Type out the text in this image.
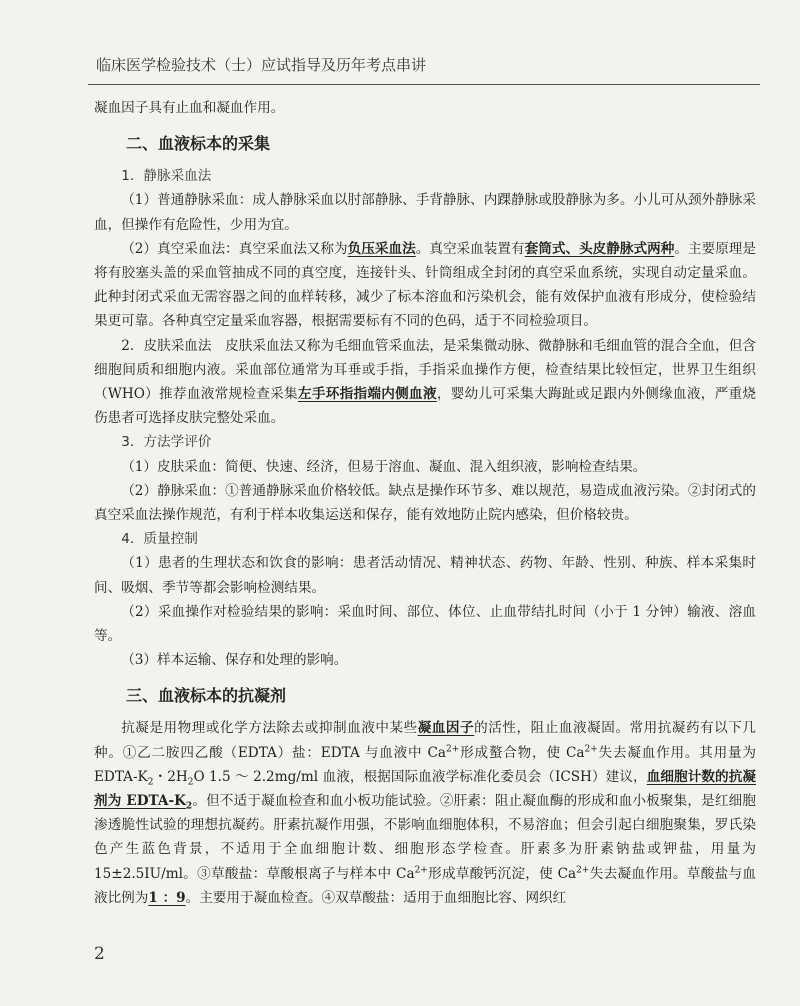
临床医学检验技术（士）应试指导及历年考点串讲

凝血因子具有止血和凝血作用。

二、血液标本的采集
1．静脉采血法

（1）普通静脉采血：成人静脉采血以肘部静脉、手背静脉、内踝静脉或股静脉为多。小儿可从颈外静脉采血，但操作有危险性，少用为宜。

（2）真空采血法：真空采血法又称为负压采血法。真空采血装置有套筒式、头皮静脉式两种。主要原理是将有胶塞头盖的采血管抽成不同的真空度，连接针头、针筒组成全封闭的真空采血系统，实现自动定量采血。此种封闭式采血无需容器之间的血样转移，减少了标本溶血和污染机会，能有效保护血液有形成分，使检验结果更可靠。各种真空定量采血容器，根据需要标有不同的色码，适于不同检验项目。

2．皮肤采血法　皮肤采血法又称为毛细血管采血法，是采集微动脉、微静脉和毛细血管的混合全血，但含细胞间质和细胞内液。采血部位通常为耳垂或手指，手指采血操作方便，检查结果比较恒定，世界卫生组织（WHO）推荐血液常规检查采集左手环指指端内侧血液，婴幼儿可采集大踇趾或足跟内外侧缘血液，严重烧伤患者可选择皮肤完整处采血。

3．方法学评价

（1）皮肤采血：简便、快速、经济，但易于溶血、凝血、混入组织液，影响检查结果。

（2）静脉采血：①普通静脉采血价格较低。缺点是操作环节多、难以规范，易造成血液污染。②封闭式的真空采血法操作规范，有利于样本收集运送和保存，能有效地防止院内感染，但价格较贵。

4．质量控制

（1）患者的生理状态和饮食的影响：患者活动情况、精神状态、药物、年龄、性别、种族、样本采集时间、吸烟、季节等都会影响检测结果。

（2）采血操作对检验结果的影响：采血时间、部位、体位、止血带结扎时间（小于 1 分钟）输液、溶血等。

（3）样本运输、保存和处理的影响。

三、血液标本的抗凝剂

抗凝是用物理或化学方法除去或抑制血液中某些凝血因子的活性，阻止血液凝固。常用抗凝药有以下几种。①乙二胺四乙酸（EDTA）盐：EDTA 与血液中 $Ca^{2+}$形成螯合物，使 $Ca^{2+}$失去凝血作用。其用量为 EDTA-$K_2$・$2H_2O$ 1.5 ～ 2.2mg/ml 血液，根据国际血液学标准化委员会（ICSH）建议，血细胞计数的抗凝剂为 EDTA-$K_2$。但不适于凝血检查和血小板功能试验。②肝素：阻止凝血酶的形成和血小板聚集，是红细胞渗透脆性试验的理想抗凝药。肝素抗凝作用强，不影响血细胞体积，不易溶血；但会引起白细胞聚集，罗氏染色产生蓝色背景，不适用于全血细胞计数、细胞形态学检查。肝素多为肝素钠盐或钾盐，用量为 15±2.5IU/ml。③草酸盐：草酸根离子与样本中 $Ca^{2+}$形成草酸钙沉淀，使 $Ca^{2+}$失去凝血作用。草酸盐与血液比例为1 ：9。主要用于凝血检查。④双草酸盐：适用于血细胞比容、网织红

2
